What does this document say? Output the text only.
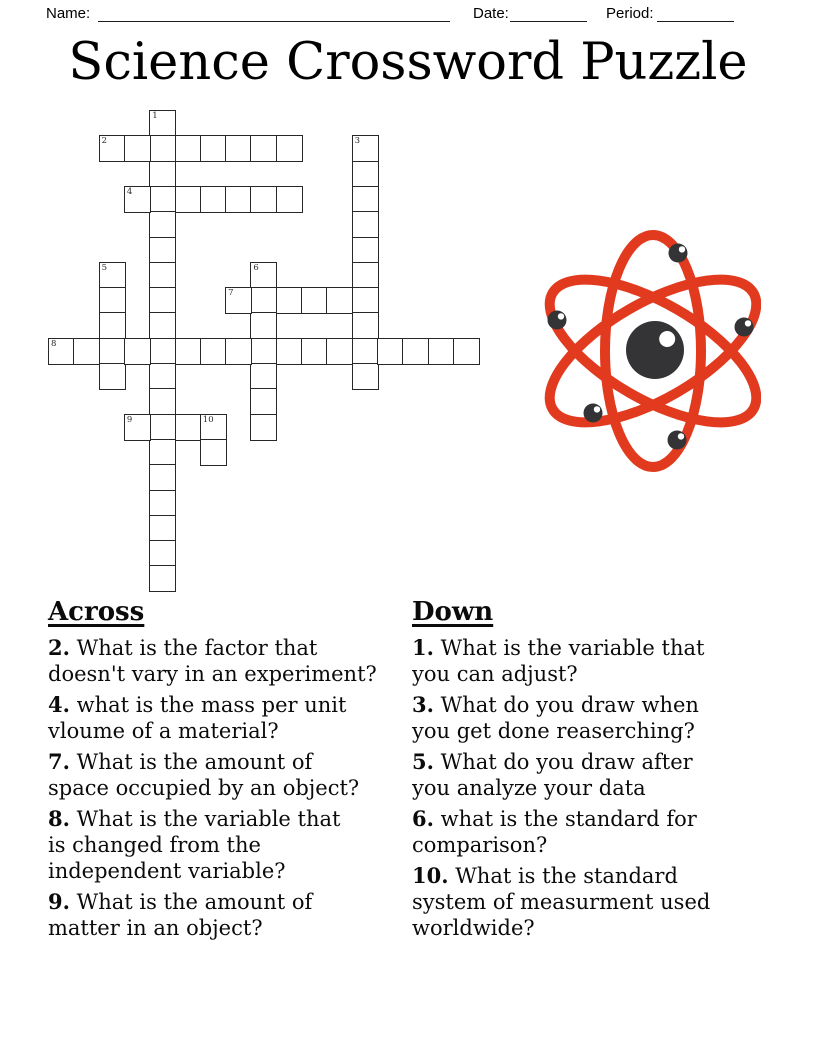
Name:	Date:	Period:
Science Crossword Puzzle
1
2	3
4
5	6
7
8
9	10
Across
2. What is the factor that
doesn't vary in an experiment?
4. what is the mass per unit
vloume of a material?
7. What is the amount of
space occupied by an object?
8. What is the variable that
is changed from the
independent variable?
9. What is the amount of
matter in an object?
Down
1. What is the variable that
you can adjust?
3. What do you draw when
you get done reaserching?
5. What do you draw after
you analyze your data
6. what is the standard for
comparison?
10. What is the standard
system of measurment used
worldwide?
